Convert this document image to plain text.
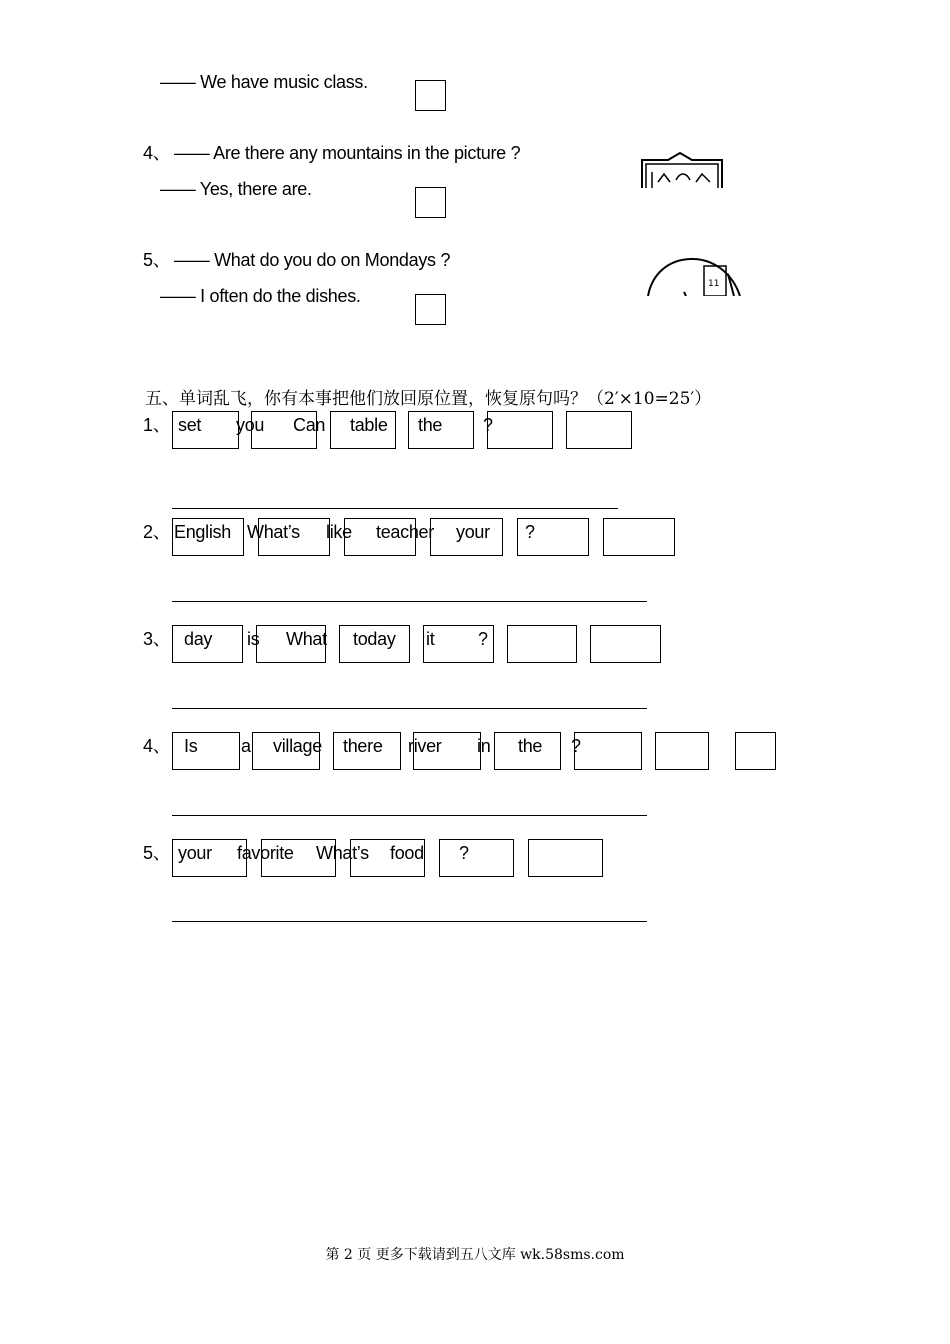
—— We have music class.
4、 —— Are there any mountains in the picture ?
—— Yes, there are.
5、 —— What do you do on Mondays ?
—— I often do the dishes.
11
五、单词乱飞，你有本事把他们放回原位置，恢复原句吗？（2′×10=25′）
1、 set you Can table the ?
2、 English What’s like teacher your ?
3、 day is What today it ?
4、 Is a village there river in the ?
5、 your favorite What’s food ?
第 2 页 更多下载请到五八文库 wk.58sms.com
